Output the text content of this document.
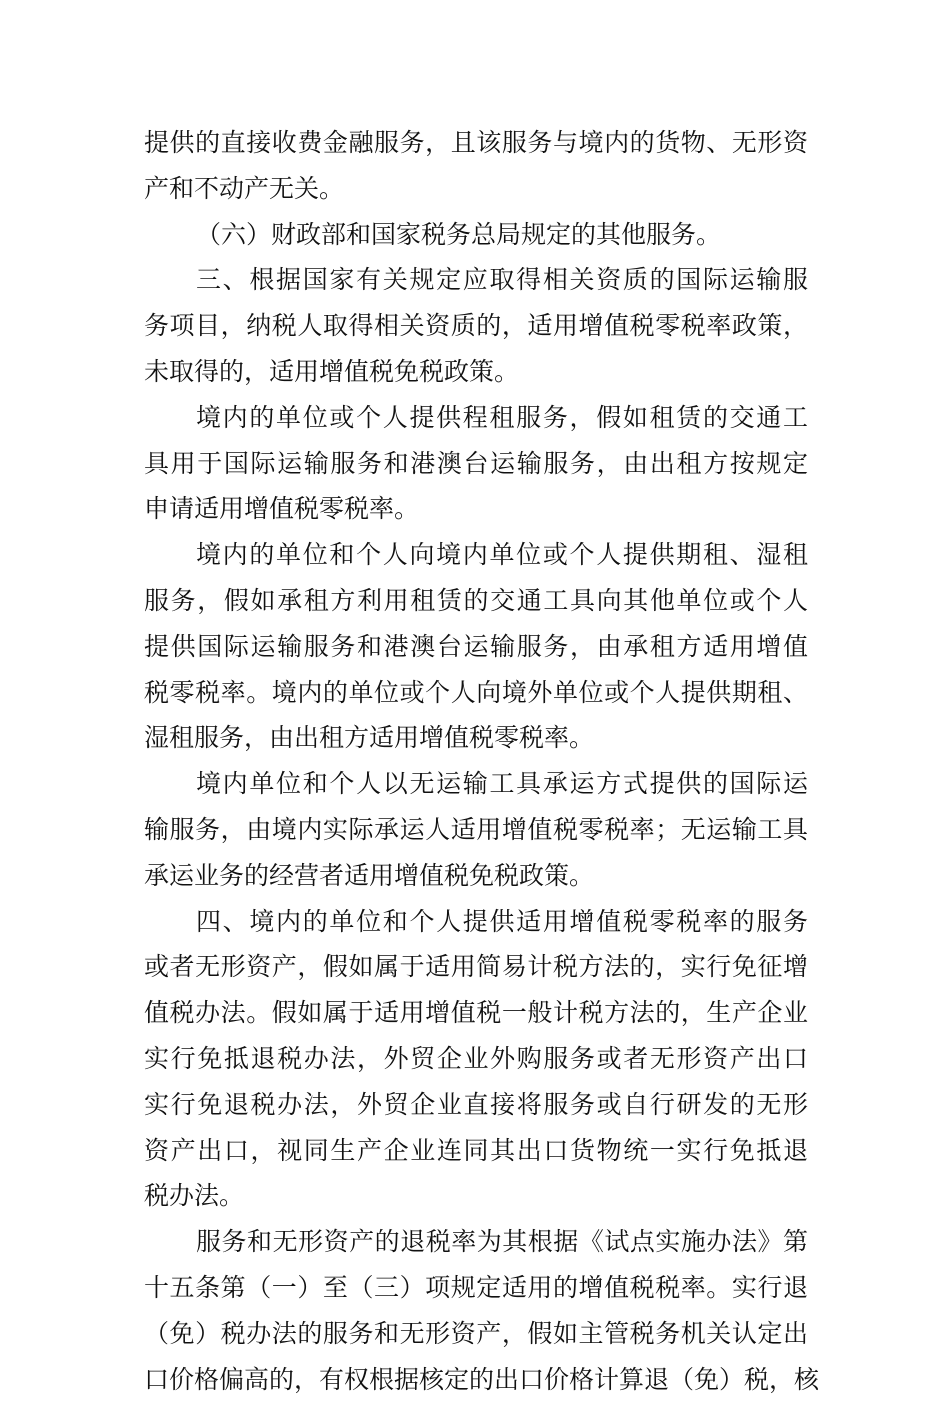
提供的直接收费金融服务，且该服务与境内的货物、无形资
产和不动产无关。
（六）财政部和国家税务总局规定的其他服务。
三、根据国家有关规定应取得相关资质的国际运输服
务项目，纳税人取得相关资质的，适用增值税零税率政策，
未取得的，适用增值税免税政策。
境内的单位或个人提供程租服务，假如租赁的交通工
具用于国际运输服务和港澳台运输服务，由出租方按规定
申请适用增值税零税率。
境内的单位和个人向境内单位或个人提供期租、湿租
服务，假如承租方利用租赁的交通工具向其他单位或个人
提供国际运输服务和港澳台运输服务，由承租方适用增值
税零税率。境内的单位或个人向境外单位或个人提供期租、
湿租服务，由出租方适用增值税零税率。
境内单位和个人以无运输工具承运方式提供的国际运
输服务，由境内实际承运人适用增值税零税率；无运输工具
承运业务的经营者适用增值税免税政策。
四、境内的单位和个人提供适用增值税零税率的服务
或者无形资产，假如属于适用简易计税方法的，实行免征增
值税办法。假如属于适用增值税一般计税方法的，生产企业
实行免抵退税办法，外贸企业外购服务或者无形资产出口
实行免退税办法，外贸企业直接将服务或自行研发的无形
资产出口，视同生产企业连同其出口货物统一实行免抵退
税办法。
服务和无形资产的退税率为其根据《试点实施办法》第
十五条第（一）至（三）项规定适用的增值税税率。实行退
（免）税办法的服务和无形资产，假如主管税务机关认定出
口价格偏高的，有权根据核定的出口价格计算退（免）税，核
